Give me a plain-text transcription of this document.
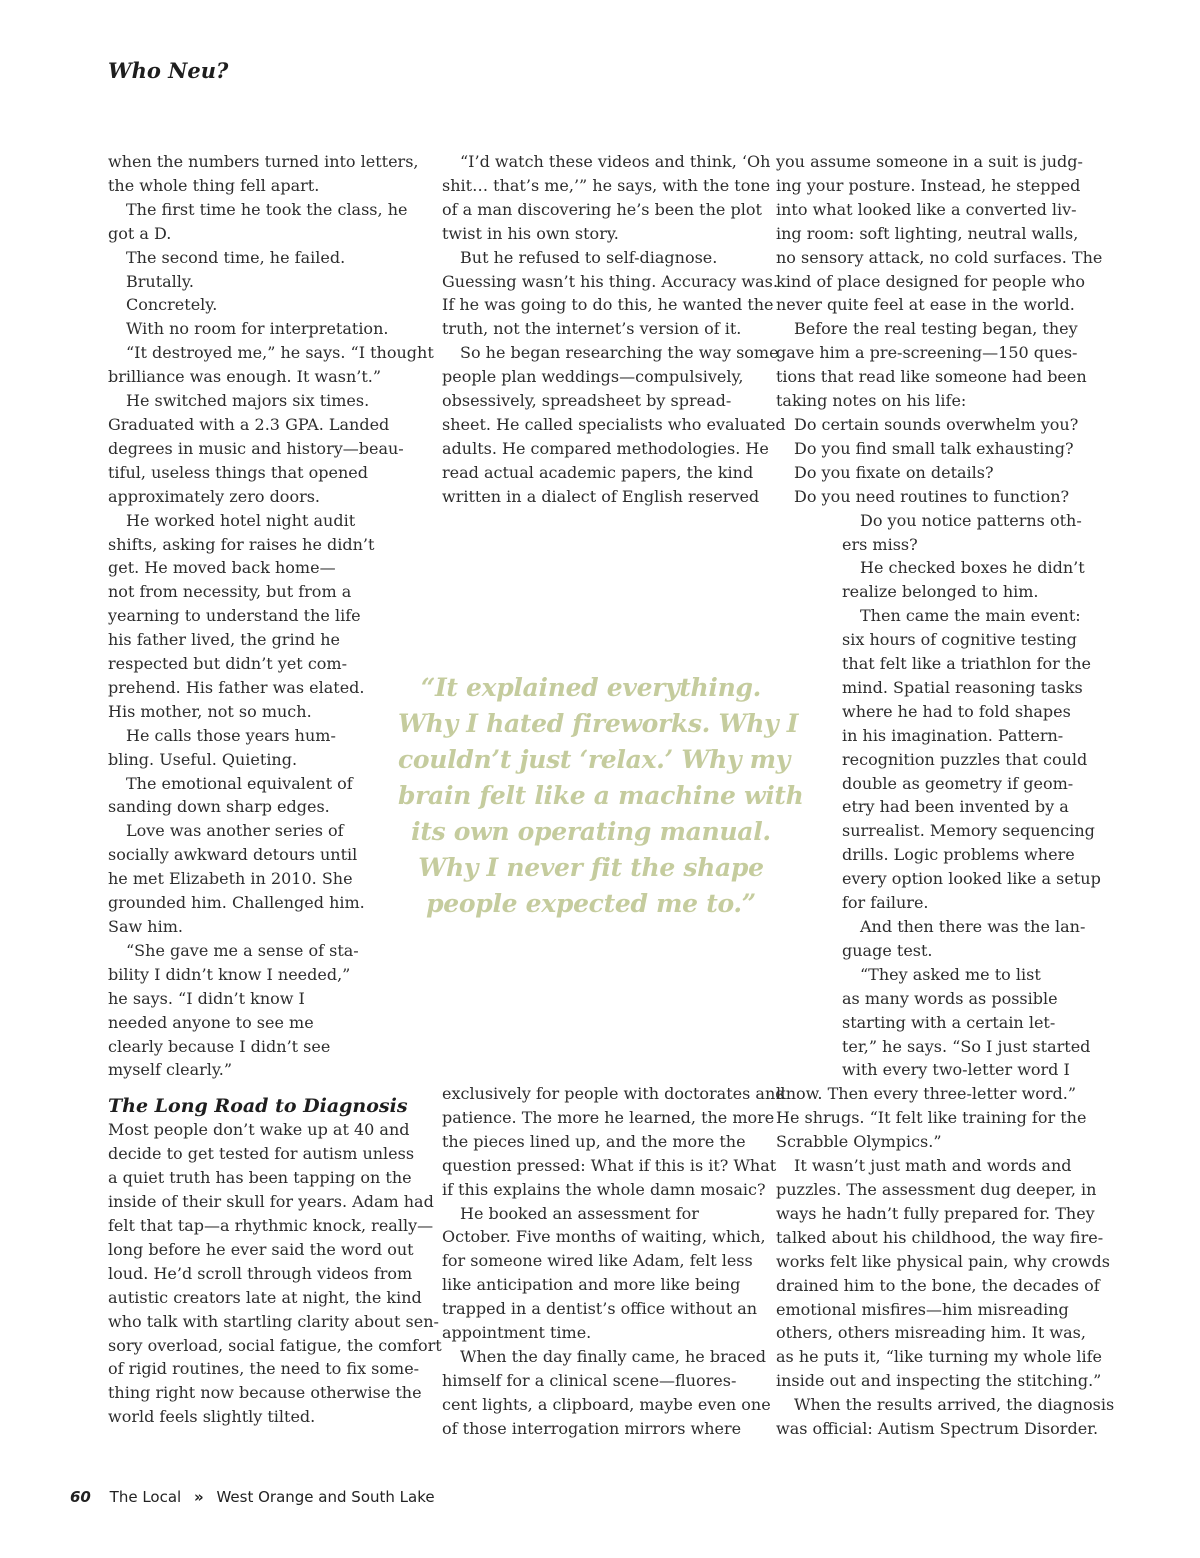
Who Neu?

when the numbers turned into letters,

the whole thing fell apart.

The first time he took the class, he

got a D.

The second time, he failed.

Brutally.

Concretely.

With no room for interpretation.

“It destroyed me,” he says. “I thought

brilliance was enough. It wasn’t.”

He switched majors six times.

Graduated with a 2.3 GPA. Landed

degrees in music and history—beau-

tiful, useless things that opened

approximately zero doors.

He worked hotel night audit

shifts, asking for raises he didn’t

get. He moved back home—

not from necessity, but from a

yearning to understand the life

his father lived, the grind he

respected but didn’t yet com-

prehend. His father was elated.

His mother, not so much.

He calls those years hum-

bling. Useful. Quieting.

The emotional equivalent of

sanding down sharp edges.

Love was another series of

socially awkward detours until

he met Elizabeth in 2010. She

grounded him. Challenged him.

Saw him.

“She gave me a sense of sta-

bility I didn’t know I needed,”

he says. “I didn’t know I

needed anyone to see me

clearly because I didn’t see

myself clearly.”

The Long Road to Diagnosis

Most people don’t wake up at 40 and

decide to get tested for autism unless

a quiet truth has been tapping on the

inside of their skull for years. Adam had

felt that tap—a rhythmic knock, really—

long before he ever said the word out

loud. He’d scroll through videos from

autistic creators late at night, the kind

who talk with startling clarity about sen-

sory overload, social fatigue, the comfort

of rigid routines, the need to fix some-

thing right now because otherwise the

world feels slightly tilted.

“I’d watch these videos and think, ‘Oh

shit… that’s me,’” he says, with the tone

of a man discovering he’s been the plot

twist in his own story.

But he refused to self-diagnose.

Guessing wasn’t his thing. Accuracy was.

If he was going to do this, he wanted the

truth, not the internet’s version of it.

So he began researching the way some

people plan weddings—compulsively,

obsessively, spreadsheet by spread-

sheet. He called specialists who evaluated

adults. He compared methodologies. He

read actual academic papers, the kind

written in a dialect of English reserved

“It explained everything.
Why I hated fireworks. Why I
couldn’t just ‘relax.’ Why my
brain felt like a machine with
its own operating manual.
Why I never fit the shape
people expected me to.”

exclusively for people with doctorates and

patience. The more he learned, the more

the pieces lined up, and the more the

question pressed: What if this is it? What

if this explains the whole damn mosaic?

He booked an assessment for

October. Five months of waiting, which,

for someone wired like Adam, felt less

like anticipation and more like being

trapped in a dentist’s office without an

appointment time.

When the day finally came, he braced

himself for a clinical scene—fluores-

cent lights, a clipboard, maybe even one

of those interrogation mirrors where

you assume someone in a suit is judg-

ing your posture. Instead, he stepped

into what looked like a converted liv-

ing room: soft lighting, neutral walls,

no sensory attack, no cold surfaces. The

kind of place designed for people who

never quite feel at ease in the world.

Before the real testing began, they

gave him a pre-screening—150 ques-

tions that read like someone had been

taking notes on his life:

Do certain sounds overwhelm you?

Do you find small talk exhausting?

Do you fixate on details?

Do you need routines to function?

Do you notice patterns oth-

ers miss?

He checked boxes he didn’t

realize belonged to him.

Then came the main event:

six hours of cognitive testing

that felt like a triathlon for the

mind. Spatial reasoning tasks

where he had to fold shapes

in his imagination. Pattern-

recognition puzzles that could

double as geometry if geom-

etry had been invented by a

surrealist. Memory sequencing

drills. Logic problems where

every option looked like a setup

for failure.

And then there was the lan-

guage test.

“They asked me to list

as many words as possible

starting with a certain let-

ter,” he says. “So I just started

with every two-letter word I

know. Then every three-letter word.”

He shrugs. “It felt like training for the

Scrabble Olympics.”

It wasn’t just math and words and

puzzles. The assessment dug deeper, in

ways he hadn’t fully prepared for. They

talked about his childhood, the way fire-

works felt like physical pain, why crowds

drained him to the bone, the decades of

emotional misfires—him misreading

others, others misreading him. It was,

as he puts it, “like turning my whole life

inside out and inspecting the stitching.”

When the results arrived, the diagnosis

was official: Autism Spectrum Disorder.

60 The Local » West Orange and South Lake
